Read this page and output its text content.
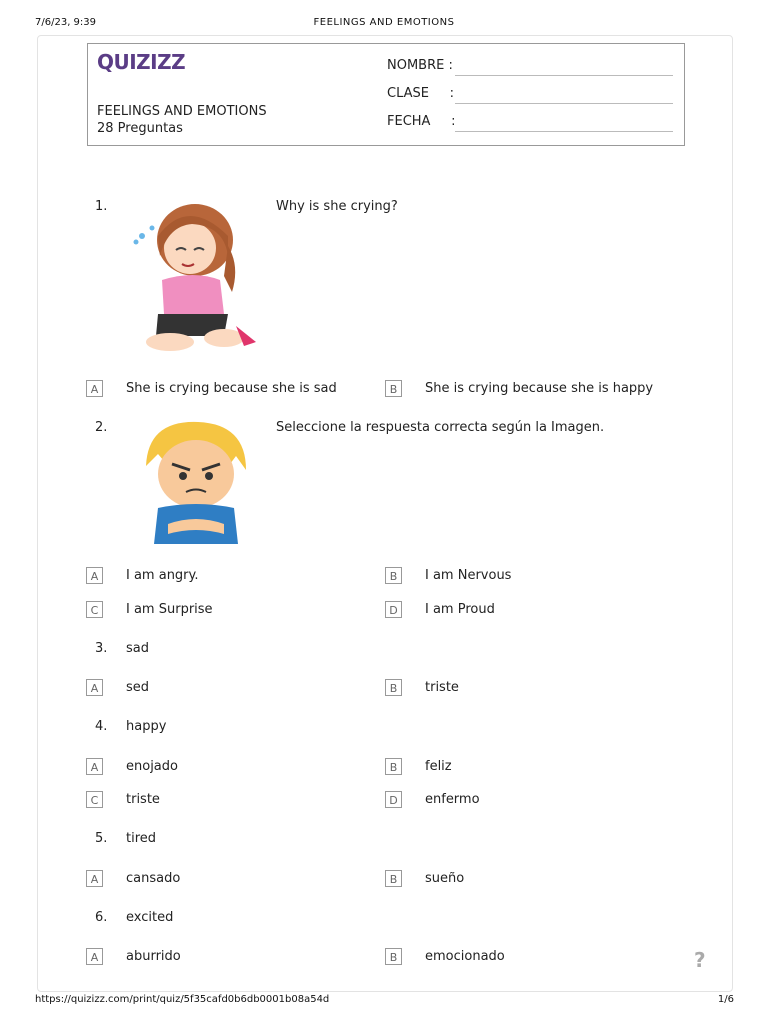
7/6/23, 9:39	FEELINGS AND EMOTIONS
QUIZIZZ
FEELINGS AND EMOTIONS
28 Preguntas
NOMBRE :
CLASE     :
FECHA     :
1.	Why is she crying?
A	She is crying because she is sad	B	She is crying because she is happy
2.	Seleccione la respuesta correcta según la Imagen.
A	I am angry.	B	I am Nervous
C	I am Surprise	D	I am Proud
3. sad
A	sed	B	triste
4. happy
A	enojado	B	feliz
C	triste	D	enfermo
5. tired
A	cansado	B	sueño
6. excited
A	aburrido	B	emocionado	?
https://quizizz.com/print/quiz/5f35cafd0b6db0001b08a54d	1/6
